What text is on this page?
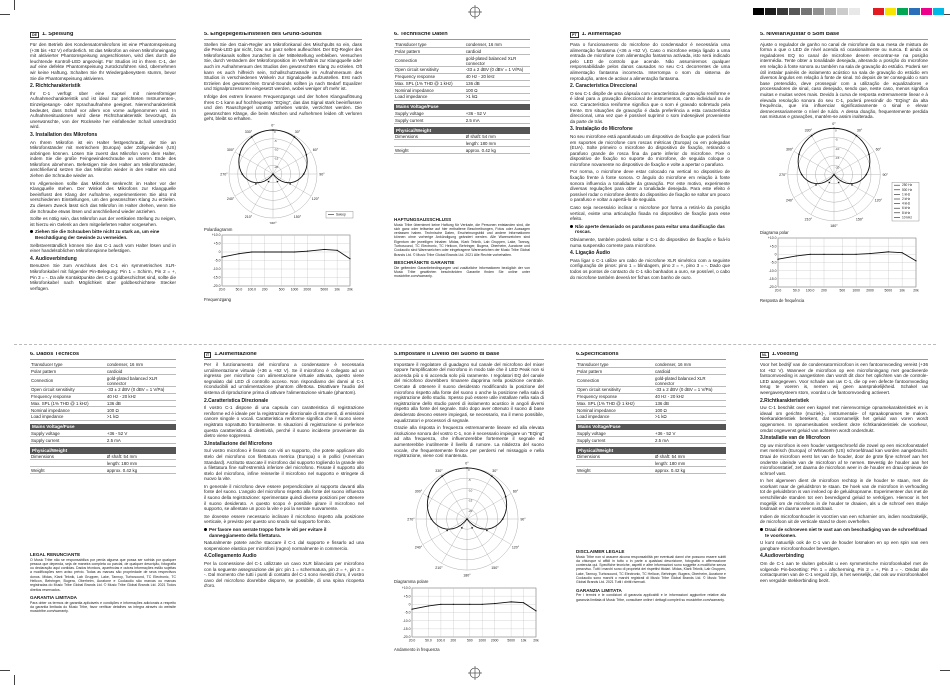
DE 1. Speisung
Für den Betrieb des Kondensatormikrofons ist eine Phantomspeisung (+36 bis +52 V) erforderlich. Ist das Mikrofon an einen Mikrofoneingang mit aktivierter Phantomspeisung angeschlossen, wird dies durch die leuchtende Kontroll-LED angezeigt. Für Studios ist in Ihrem C-1, der auf eine defekte Phantomspeisung zurückzuführen sind, übernehmen wir keine Haftung. Schalten Sie Ihr Wiedergabesystem stumm, bevor Sie die Phantomspeisung aktivieren.
2. Richtcharakteristik
Ihr C-1 verfügt über eine Kapsel mit nierenförmiger Aufnahmecharakteristik und ist ideal zur gerichteten Instrumenten-, Einzelgesangs- oder Sprachaufnahme geeignet. Nierencharakteristik bedeutet, dass Schall vor allem von vorne aufgenommen wird. In Aufnahmesituationen wird diese Richtcharakteristik bevorzugt, da unerwünschte, von der Rückseite her einfallender Schall unterdrückt wird.
3. Installation des Mikrofons
An Ihrem Mikrofon ist ein Halter festgeschraubt, der Sie an Mikrofonständer mit metrischem (Europa) oder Zollgewinden (US) anbringen können. Lösen Sie zuerst das Mikrofon vom dem Halter, indem Sie die große Feingewindeschraube an unteren Ende des Mikrofons abnehmen. Befestigen Sie den Halter am Mikrofonständer, anschließend setzen Sie das Mikrofon wieder in den Halter ein und ziehen die Schraube wieder an.
Im Allgemeinen sollte das Mikrofon senkrecht im Halter vor der Klangquelle stehen. Der Winkel des Mikrofons zur Klangquelle beeinflusst den Klang der Aufnahme, experimentieren Sie also mit verschiedenen Einstellungen, um den gewünschten Klang zu erzielen. Zu diesem Zweck lässt sich das Mikrofon im Halter drehen, wenn Sie die Schraube etwas lösen und anschließend wieder anziehen.
Sollte es nötig sein, das Mikrofon aus der vertikalen Stellung zu neigen, ist hierzu ein Gelenk an dem mitgelieferten Halter vorgesehen.
Ziehen Sie die Schrauben bitte nicht zu stark an, um eine Beschädigung der Gewinde zu vermeiden.
Selbstverständlich können Sie das C-1 auch vom Halter lösen und in einer handelsüblichen Mikrofonspinne befestigen.
4. Audioverbindung
Benutzen Sie zum Anschluss des C-1 ein symmetrisches XLR-Mikrofonkabel mit folgender Pin-Belegung: Pin 1 = Schirm, Pin 2 = +, Pin 3 = -. Da alle Kontaktpunkte des C-1 goldbeschichtet sind, sollte die Mikrofonkabel nach Möglichkeit über goldbeschichtete Stecker verfügen.
5. Eingepegelt/Einstellen des Grund-Sounds
Stellen Sie den Gain-Regler am Mikrofonkanal des Mischpults so ein, dass die Peak-LED gar nicht, bzw. nur ganz selten aufleuchtet. Der EQ-Regler des Mikrofonkanals sollten zunächst in der Mittelstellung verbleiben. Versuchen Sie, durch Verändern der Mikrofonposition im Verhältnis zur Klangquelle oder auch im Aufnahmeraum des Studios den gewünschten Klang zu erzielen. Oft kann es auch hilfreich sein, Schallschutzwände im Aufnahmeraum des Studios in verschiedenen Winkeln zur Signalquelle aufzustellen. Erst nach Erzielen des gewünschten Grund-Sounds sollten ja nach Bedarf Equalizer und Signalprozessoren eingesetzt werden, wobei weniger oft mehr ist.
Infolge des extrem linearen Frequenzgangs und der hohen Klangauflösung Ihres C-1 kann auf hochfrequente "EQing", das das Signal stark beeinflussen und den Rauschpegel unnötig anheben würde, verzichtet werden. Die gewünschten Klänge, die beim Mischen und Aufnehmen leiden oft verloren geht, bleibt so erhalten.
0°
30°
60°
90°
120°
150°
180°
210°
240°
270°
300°
330°
-20
-15
-10
-5
0
Sweep
Polardiagramm
+10.0
+5.0
0
-5.0
-10.0
-15.0
-20.0
20.0	50.0 100.0 200	500 1000 2000	5000 10k 20k
Frequenzgang
6. Technische Daten
Transducer type	condenser, 16 mm
Polar pattern	cardioid
Connection	gold-plated balanced XLR connector
Open circuit sensitivity	-33 ± 2 dBV (0 dBV = 1 V/Pa)
Frequency response	40 Hz - 20 kHz
Max. SPL (1% THD @ 1 kHz)	136 dB
Nominal impedance	100 Ω
Load impedance	>1 kΩ
Mains Voltage/Fuse
Supply voltage	+36 - 52 V
Supply current	2.5 mA
Physical/Weight
Dimensions	Ø shaft: 54 mm
	length: 180 mm
Weight	approx. 0.42 kg
HAFTUNGSAUSSCHLUSS
Music Tribe übernimmt keine Haftung für Verluste, die Personen entstanden sind, die sich ganz oder teilweise auf hier enthaltene Beschreibungen, Fotos oder Aussagen verlassen haben. Technische Daten, Erscheinungsbild und andere Informationen können ohne vorherige Ankündigung geändert werden. Alle Warenzeichen sind Eigentum der jeweiligen Inhaber. Midas, Klark Teknik, Lab Gruppen, Lake, Tannoy, Turbosound, TC Electronic, TC Helicon, Behringer, Bugera, Oberheim, Auratone und Coolaudio sind Warenzeichen oder eingetragene Warenzeichen der Music Tribe Global Brands Ltd. © Music Tribe Global Brands Ltd. 2021 Alle Rechte vorbehalten.
BESCHRÄNKTE GARANTIE
Die geltenden Garantiebedingungen und zusätzliche Informationen bezüglich der von Music Tribe gewährten beschränkten Garantie finden Sie online unter musictribe.com/warranty.
PT 1. Alimentação
Para o funcionamento do microfone do condensador é necessária uma alimentação fantasma (+36 a +52 V). Caso o microfone esteja ligado a uma entrada de microfone com alimentação fantasma activada, isto será indicado pelo LED de controlo que acende. Não assumiremos qualquer responsabilidade pelos danos causados no seu C-1 decorrentes de uma alimentação fantasma incorrecta. Interrompa o som do sistema de reprodução, antes de activar a alimentação fantasma.
2. Característica Direccional
O seu C-1 dispõe de uma cápsula com característica de gravação reniforme e é ideal para a gravação direccional de instrumentos, canto individual ou de voz. Característica reniforme significa que o som é gravado sobretudo pela frente. Em situações de gravação é dada preferência a esta característica direccional, uma vez que é possível suprimir o som indesejável proveniente da parte de trás.
3. Instalação do Microfone
No seu microfone está aparafusado um dispositivo de fixação que poderá fixar em suportes de microfone com roscas métricas (Europa) ou em polegadas (EUA). Solte primeiro o microfone do dispositivo de fixação, retirando o parafuso grande de rosca fina da parte inferior do microfone. Fixe o dispositivo de fixação no suporte do microfone, de seguida coloque o microfone novamente no dispositivo de fixação e volte a apertar o parafuso.
Por norma, o microfone deve estar colocado na vertical no dispositivo de fixação frente à fonte sonora. O ângulo do microfone em relação à fonte sonora influencia a tonalidade da gravação. Por este motivo, experimente diversas regulações para obter a tonalidade desejada. Para este efeito é possível rodar o microfone dentro do dispositivo de fixação se soltar um pouco o parafuso e voltar a apertá-lo de seguida.
Caso seja necessário inclinar o microfone por forma a retirá-lo da posição vertical, existe uma articulação fixada no dispositivo de fixação para esse efeito.
Não aperte demasiado os parafusos para evitar uma danificação das roscas.
Obviamente, também poderá soltar o C-1 do dispositivo de fixação e fixá-lo numa suspensão corrente para microfone.
4. Ligação Áudio
Para ligar o C-1 utilize um cabo de microfone XLR simétrico com a seguinte configuração de pinos: pino 1 = blindagem, pino 2 = +, pino 3 = -. Dado que todos os pontos de contacto do C-1 são banhados a ouro, se possível, o cabo do microfone também deverá ter fichas com banho de ouro.
5. Nivelar/Ajustar o Som Base
Ajuste o regulador de ganho no canal de microfone da sua mesa de mistura de forma a que o LED de nível acenda só ocasionalmente ou nunca. É ainda os reguladores EQ no canal de microfone devem encontrar-se na posição intermédia. Tente obter a tonalidade desejada, alterando a posição do microfone em relação à fonte sonora ou também na sala de gravação do estúdio. Poderá ser útil instalar painéis de isolamento acústico na sala de gravação do estúdio em diversos ângulos em relação à fonte de sinal. Só depois de ter conseguido o som base pretendido, deve prosseguir com a utilização de equalizadores e processadores de sinal, caso desejado, sendo que, neste caso, menos significa muitas e muitas vezes mais. Devido à curva de resposta extremamente linear e à elevada resolução sonora do seu C-1, poderá prescindir do "EQing" da alta frequência, que iria influenciar significativamente o sinal e elevar desnecessariamente o nível de ruído. A dessa doação, frequentemente perdida nas misturas e gravações, mantém-se assim inalterada.
0°
30°
60°
90°
120°
150°
180°
210°
240°
270°
300°
330°
-20
-15
-10
-5
0
250 Hz
500 Hz
1 kHz
2 kHz
4 kHz
6 kHz
8 kHz
10 kHz
Diagrama polar
+10.0
+5.0
0
-5.0
-10.0
-15.0
-20.0
20.0	50.0 100.0 200	500 1000 2000	5000 10k 20k
Resposta de frequência
6. Dados Técnicos
Transducer type	condenser, 16 mm
Polar pattern	cardioid
Connection	gold-plated balanced XLR connector
Open circuit sensitivity	-33 ± 2 dBV (0 dBV = 1 V/Pa)
Frequency response	40 Hz - 20 kHz
Max. SPL (1% THD @ 1 kHz)	136 dB
Nominal impedance	100 Ω
Load impedance	>1 kΩ
Mains Voltage/Fuse
Supply voltage	+36 - 52 V
Supply current	2.5 mA
Physical/Weight
Dimensions	Ø shaft: 54 mm
	length: 180 mm
Weight	approx. 0.42 kg
LEGAL RENUNCIANTE
O Music Tribe não se responsabiliza por perda alguma que possa ser sofrida por qualquer pessoa que dependa, seja de maneira completa ou parcial, de qualquer descrição, fotografia ou declaração aqui contidas. Dados técnicos, aparências e outras informações estão sujeitas a modificações sem aviso prévio. Todas as marcas são propriedade de seus respectivos donos. Midas, Klark Teknik, Lab Gruppen, Lake, Tannoy, Turbosound, TC Electronic, TC Helicon, Behringer, Bugera, Oberheim, Auratone e Coolaudio são marcas ou marcas registradas do Music Tribe Global Brands Ltd. © Music Tribe Global Brands Ltd. 2021 Todos direitos reservados.
GARANTIA LIMITADA
Para obter os termos de garantia aplicáveis e condições e informações adicionais a respeito da garantia limitada do Music Tribe, favor verificar detalhes na íntegra através do website musictribe.com/warranty.
IT 1.Alimentazione
Per il funzionamento del microfono a condensatore è necessaria un'alimentazione virtuale (+36 a +52 V). Se il microfono è collegato ad un ingresso per microfono con alimentazione virtuale attivata, questo viene segnalato dal LED di controllo acceso. Non rispondiamo dei danni al C-1 riconducibili ad un'alimentazione phantom difettosa. Disattivare l'audio del sistema di riproduzione prima di attivare l'alimentazione virtuale (phantom).
2.Caratteristica Direzionale
Il vostro C-1 dispone di una capsula con caratteristica di registrazione reniforme ed è ideale per la registrazione direzionale di strumenti, di emissioni canore singole o vocali. Caratteristica reniforme significa che il suono viene registrato soprattutto frontalmente. In situazioni di registrazione si preferisce questa caratteristica di direttività, perché il suono incidente proveniente da dietro viene soppresso.
3.Installazione del Microfono
Sul vostro microfono è fissato con viti un supporto, che potete applicare allo stelo del microfono con filettatura metrica (Europa) o in pollici (American Standard). Anzitutto staccate il microfono dal supporto togliendo la grande vite a filettatura fine sull'estremità inferiore del microfono. Fissate il supporto allo stelo del microfono, infine reinserite il microfono nel supporto e stringete di nuovo la vite.
In generale il microfono deve essere perpendicolare al supporto davanti alla fonte del suono. L'angolo del microfono rispetto alla fonte del suono influenza il suono della registrazione: sperimentate quindi diverse posizioni per ottenere il suono desiderato. A questo scopo è possibile girare il microfono nel supporto, se allentate un poco la vite e poi la serrate nuovamente.
Se dovesse essere necessario inclinare il microfono rispetto alla posizione verticale, è previsto per questo uno snodo sul supporto fornito.
Per favore non serrate troppo forte le viti per evitare il danneggiamento della filettatura.
Naturalmente potete anche staccare il C-1 dal supporto e fissarlo ad una sospensione elastica per microfoni (ragno) normalmente in commercio.
4.Collegamento Audio
Per la connessione del C-1 utilizzate un cavo XLR bilanciato per microfono con la seguente assegnazione dei pin: pin 1 = schermatura, pin 2 = +, pin 3 = -. Dal momento che tutti i punti di contatto del C-1 sono rivestiti d'oro, il vostro cavo del microfono dovrebbe disporre, se possibile, di una spina ricoperta d'oro.
5.Impostare il Livello del Suono di Base
Impostare il regolatore di guadagno sul canale del microfono del mixer oppure l'amplificatore del microfono in modo tale che il LED Peak non si accenda più o si accenda solo più raramente. I regolatori EQ del canale del microfono dovrebbero rimanere dapprima nella posizione centrale. Cercate di ottenere il suono desiderato modificando la posizione del microfono rispetto alla fonte del suono o anche la posizione nella sala di registrazione dello studio. Spesso può essere utile installare nella sala di registrazione dello studio pareti di isolamento acustico in angoli diversi rispetto alla fonte del segnale. Solo dopo aver ottenuto il suono di base desiderato devono essere impiegati, se necessario, ma il meno possibile, equalizzatori e processori di segnale.
Grazie alla risposta in frequenza estremamente lineare ed alla elevata risoluzione sonora del vostro C-1, non è necessario impiegare un "EQing" ad alta frequenza, che influenzerebbe fortemente il segnale ed aumenterebbe inutilmente il livello di rumore. La nitidezza del suono vocale, che frequentemente finisce per perdersi nel missaggio e nella registrazione, viene così mantenuta.
0°
30°
60°
90°
120°
150°
180°
210°
240°
270°
300°
330°
-20
-15
-10
-5
0
Diagramma polare
+10.0
+5.0
0
-5.0
-10.0
-15.0
-20.0
20.0	50.0 100.0 200	500 1000 2000	5000 10k 20k
Andamento in frequenza
6.Specifications
Transducer type	condenser, 16 mm
Polar pattern	cardioid
Connection	gold-plated balanced XLR connector
Open circuit sensitivity	-33 ± 2 dBV (0 dBV = 1 V/Pa)
Frequency response	40 Hz - 20 kHz
Max. SPL (1% THD @ 1 kHz)	136 dB
Nominal impedance	100 Ω
Load impedance	>1 kΩ
Mains Voltage/Fuse
Supply voltage	+36 - 52 V
Supply current	2.5 mA
Physical/Weight
Dimensions	Ø shaft: 54 mm
	length: 180 mm
Weight	approx. 0.42 kg
DISCLAIMER LEGALE
Music Tribe non si assume alcuna responsabilità per eventuali danni che possono essere subiti da chiunque si affidi in tutto o in parte a qualsiasi descrizione, fotografia o affermazione contenuta qui. Specifiche tecniche, aspetti e altre informazioni sono soggette a modifiche senza preavviso. Tutti i marchi sono di proprietà dei rispettivi titolari. Midas, Klark Teknik, Lab Gruppen, Lake, Tannoy, Turbosound, TC Electronic, TC Helicon, Behringer, Bugera, Oberheim, Auratone e Coolaudio sono marchi o marchi registrati di Music Tribe Global Brands Ltd. © Music Tribe Global Brands Ltd. 2021 Tutti i diritti riservati.
GARANZIA LIMITATA
Per i termini e le condizioni di garanzia applicabili e le informazioni aggiuntive relative alla garanzia limitata di Music Tribe, consultare online i dettagli completi su musictribe.com/warranty.
NL 1.Voeding
Voor het bedrijf van de condensatormicrofoon is een fantoomvoeding vereist (+36 tot +52 V). Wanneer de microfoon op een microfoningang met geactiveerde fantoomvoeding is aangesloten dan wordt dit door het oplichten van de controle-LED aangegeven. Voor schade aan uw C-1, die op een defecte fantoomvoeding terug te voeren is, nemen wij geen aansprakelijkheid. Schakel uw weergavesysteem stom, voordat u de fantoomvoeding activeert.
2.Richtkarakteristiek
Uw C-1 beschikt over een kapsel met nierenvormige opnamekarakteristiek en is ideaal om gerichte (muziek)-, instrumentale- of spraakopnames te maken. Nierkarakteristiek betekent, dat voornamelijk het geluid van voren wordt opgenomen. In opnamesituaties verdient deze richtkarakteristiek de voorkeur, omdat ongewenst geluid van achteren wordt onderdrukt.
3.Installatie van de Microfoon
Op uw microfoon is een houder vastgeschroefd die zowel op een microfoonstatief met metrisch (Europa) of Whitworth (US) schroefdraad kan worden aangebracht. Draai de microfoon eerst los van de houder, door de grote fijne schroef aan het onderste uiteinde van de microfoon af te nemen. Bevestig de houder aan het microfoonstatief, zet daarna de microfoon weer in de houder en draai opnieuw de schroef vast.
In het algemeen dient de microfoon rechtop in de houder te staan, met de voorkant naar de geluidsbron te staan. De hoek van de microfoon in verhouding tot de geluidsbron is van invloed op de geluidsopname. Experimenteer dus met de verschillende standen tot een bevredigend geluid te verkrijgen. Hiervoor is het mogelijk om de microfoon in de houder te draaien, als u de schroef een stukje losdraait en daarna weer vastdraait.
Indien de microfoonhouder is voorzien van een scharnier om, indien noodzakelijk, de microfoon uit de verticale stand te doen overhellen.
Draai de schroeven niet te vast aan om beschadiging van de schroefdraad te voorkomen.
U kunt natuurlijk ook de C-1 van de houder losmaken en op een spin van een gangbare microfoonhouder bevestigen.
4.Audioverbinding
Om de C-1 aan te sluiten gebruikt u een symmetrische microfoonkabel met de volgende Pin-bezetting: Pin 1 = afscherming, Pin 2 = +, Pin 3 = -. Omdat alle contactpunten van de C-1 verguld zijn, is het wenselijk, dat ook uw microfoonkabel een vergulde stekkerbinding bezit.
